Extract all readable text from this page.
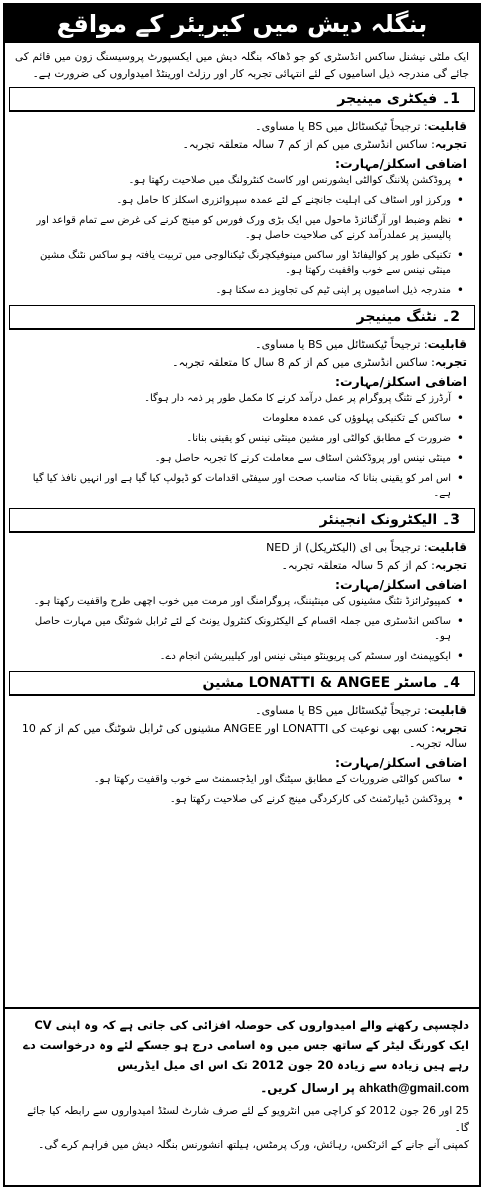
بنگلہ دیش میں کیریئر کے مواقع
ایک ملٹی نیشنل ساکس انڈسٹری کو جو ڈھاکہ بنگلہ دیش میں ایکسپورٹ پروسیسنگ زون میں قائم کی جائے گی مندرجہ ذیل اسامیوں کے لئے انتہائی تجربہ کار اور رزلٹ اورینٹڈ امیدواروں کی ضرورت ہے۔
1۔ فیکٹری مینیجر
قابلیت: ترجیحاً ٹیکسٹائل میں BS یا مساوی۔
تجربہ: ساکس انڈسٹری میں کم از کم 7 سالہ متعلقہ تجربہ۔
اضافی اسکلز/مہارت:
• پروڈکشن پلاننگ کوالٹی ایشورنس اور کاسٹ کنٹرولنگ میں صلاحیت رکھتا ہو۔
• ورکرز اور اسٹاف کی اہلیت جانچنے کے لئے عمدہ سپروائزری اسکلز کا حامل ہو۔
• نظم وضبط اور آرگنائزڈ ماحول میں ایک بڑی ورک فورس کو مینج کرنے کی غرض سے تمام قواعد اور پالیسیز پر عملدرآمد کرنے کی صلاحیت حاصل ہو۔
• تکنیکی طور پر کوالیفائڈ اور ساکس مینوفیکچرنگ ٹیکنالوجی میں تربیت یافتہ ہو ساکس نٹنگ مشین مینٹی نینس سے خوب واقفیت رکھتا ہو۔
• مندرجہ ذیل اسامیوں پر اپنی ٹیم کی تجاویز دے سکتا ہو۔
2۔ نٹنگ مینیجر
قابلیت: ترجیحاً ٹیکسٹائل میں BS یا مساوی۔
تجربہ: ساکس انڈسٹری میں کم از کم 8 سال کا متعلقہ تجربہ۔
اضافی اسکلز/مہارت:
• آرڈرز کے نٹنگ پروگرام پر عمل درآمد کرنے کا مکمل طور پر ذمہ دار ہوگا۔
• ساکس کے تکنیکی پہلوؤں کی عمدہ معلومات
• ضرورت کے مطابق کوالٹی اور مشین مینٹی نینس کو یقینی بنانا۔
• مینٹی نینس اور پروڈکشن اسٹاف سے معاملت کرنے کا تجربہ حاصل ہو۔
• اس امر کو یقینی بنانا کہ مناسب صحت اور سیفٹی اقدامات کو ڈیولپ کیا گیا ہے اور انہیں نافذ کیا گیا ہے۔
3۔ الیکٹرونک انجینئر
قابلیت: ترجیحاً بی ای (الیکٹریکل) از NED
تجربہ: کم از کم 5 سالہ متعلقہ تجربہ۔
اضافی اسکلز/مہارت:
• کمپیوٹرائزڈ نٹنگ مشینوں کی مینٹیننگ، پروگرامنگ اور مرمت میں خوب اچھی طرح واقفیت رکھتا ہو۔
• ساکس انڈسٹری میں جملہ اقسام کے الیکٹرونک کنٹرول یونٹ کے لئے ٹرابل شوٹنگ میں مہارت حاصل ہو۔
• ایکویپمنٹ اور سسٹم کی پریوینٹو مینٹی نینس اور کیلیبریشن انجام دے۔
4۔ ماسٹر LONATTI & ANGEE مشین
قابلیت: ترجیحاً ٹیکسٹائل میں BS یا مساوی۔
تجربہ: کسی بھی نوعیت کی LONATTI اور ANGEE مشینوں کی ٹرابل شوٹنگ میں کم از کم 10 سالہ تجربہ۔
اضافی اسکلز/مہارت:
• ساکس کوالٹی ضروریات کے مطابق سیٹنگ اور ایڈجسمنٹ سے خوب واقفیت رکھتا ہو۔
• پروڈکشن ڈیپارٹمنٹ کی کارکردگی مینج کرنے کی صلاحیت رکھتا ہو۔
دلچسپی رکھنے والے امیدواروں کی حوصلہ افزائی کی جاتی ہے کہ وہ اپنی CV ایک کورنگ لیٹر کے ساتھ جس میں وہ اسامی درج ہو جسکے لئے وہ درخواست دے رہے ہیں زیادہ سے زیادہ 20 جون 2012 تک اس ای میل ایڈریس
ahkath@gmail.com پر ارسال کریں۔
25 اور 26 جون 2012 کو کراچی میں انٹرویو کے لئے صرف شارٹ لسٹڈ امیدواروں سے رابطہ کیا جائے گا۔
کمپنی آنے جانے کے ائرٹکس، رہائش، ورک پرمٹس، ہیلتھ انشورنس بنگلہ دیش میں فراہم کرے گی۔
